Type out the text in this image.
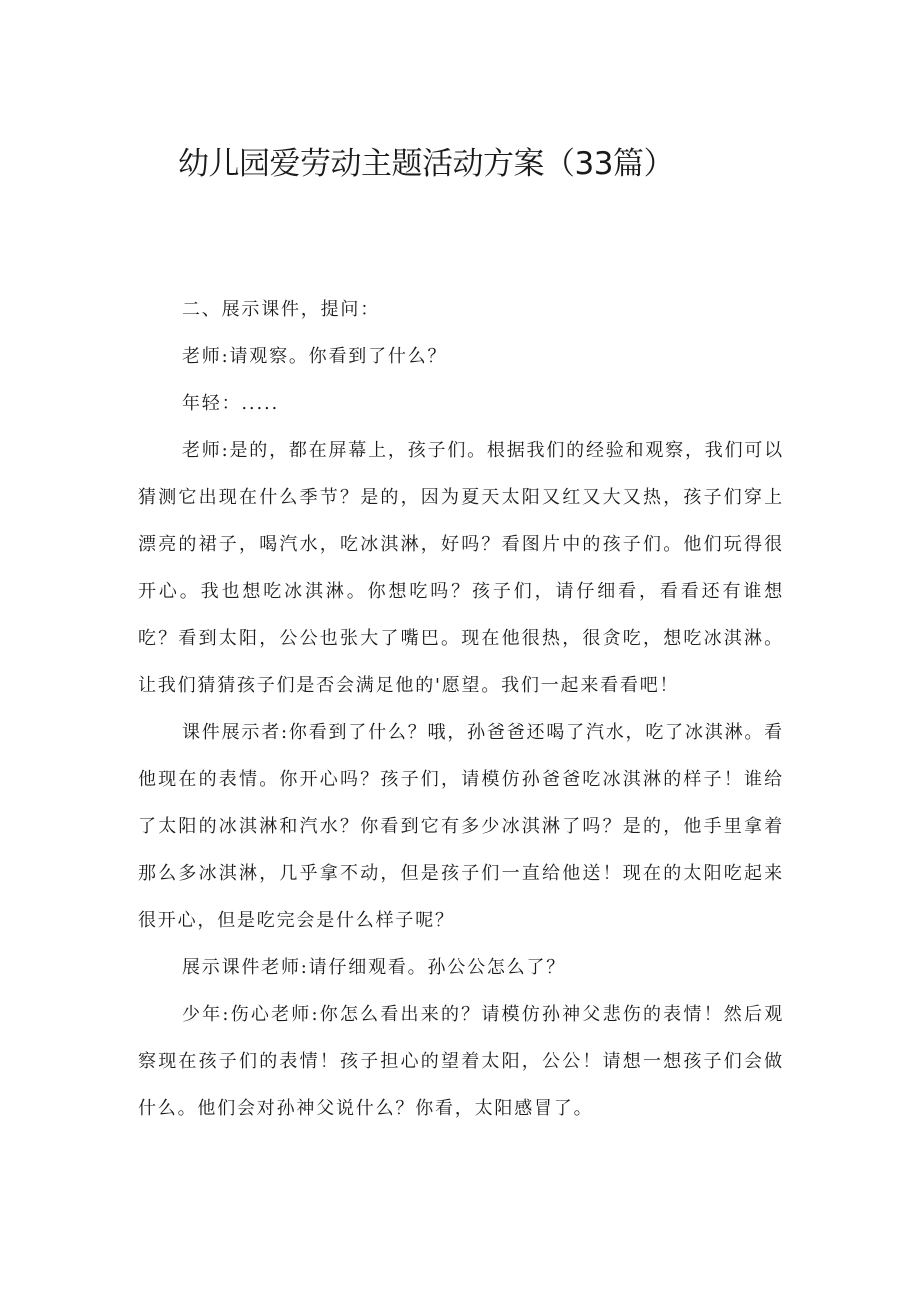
幼儿园爱劳动主题活动方案（33篇）

二、展示课件，提问：

老师:请观察。你看到了什么？

年轻：.....

老师:是的，都在屏幕上，孩子们。根据我们的经验和观察，我们可以猜测它出现在什么季节？是的，因为夏天太阳又红又大又热，孩子们穿上漂亮的裙子，喝汽水，吃冰淇淋，好吗？看图片中的孩子们。他们玩得很开心。我也想吃冰淇淋。你想吃吗？孩子们，请仔细看，看看还有谁想吃？看到太阳，公公也张大了嘴巴。现在他很热，很贪吃，想吃冰淇淋。让我们猜猜孩子们是否会满足他的'愿望。我们一起来看看吧！

课件展示者:你看到了什么？哦，孙爸爸还喝了汽水，吃了冰淇淋。看他现在的表情。你开心吗？孩子们，请模仿孙爸爸吃冰淇淋的样子！谁给了太阳的冰淇淋和汽水？你看到它有多少冰淇淋了吗？是的，他手里拿着那么多冰淇淋，几乎拿不动，但是孩子们一直给他送！现在的太阳吃起来很开心，但是吃完会是什么样子呢？

展示课件老师:请仔细观看。孙公公怎么了？

少年:伤心老师:你怎么看出来的？请模仿孙神父悲伤的表情！然后观察现在孩子们的表情！孩子担心的望着太阳，公公！请想一想孩子们会做什么。他们会对孙神父说什么？你看，太阳感冒了。
